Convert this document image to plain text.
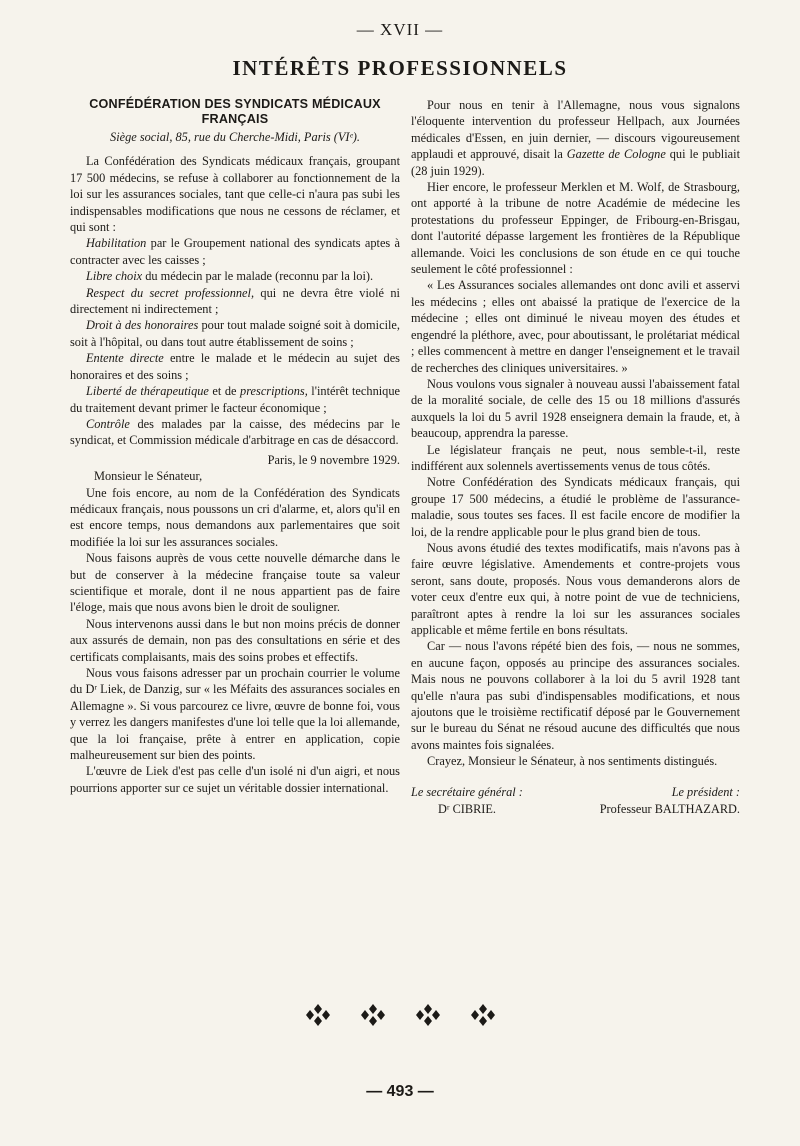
— XVII —
INTÉRÊTS PROFESSIONNELS
CONFÉDÉRATION DES SYNDICATS MÉDICAUX FRANÇAIS
Siège social, 85, rue du Cherche-Midi, Paris (VIᵉ).

La Confédération des Syndicats médicaux français, groupant 17 500 médecins, se refuse à collaborer au fonctionnement de la loi sur les assurances sociales, tant que celle-ci n'aura pas subi les indispensables modifications que nous ne cessons de réclamer, et qui sont :

Habilitation par le Groupement national des syndicats aptes à contracter avec les caisses ;

Libre choix du médecin par le malade (reconnu par la loi).

Respect du secret professionnel, qui ne devra être violé ni directement ni indirectement ;

Droit à des honoraires pour tout malade soigné soit à domicile, soit à l'hôpital, ou dans tout autre établissement de soins ;

Entente directe entre le malade et le médecin au sujet des honoraires et des soins ;

Liberté de thérapeutique et de prescriptions, l'intérêt technique du traitement devant primer le facteur économique ;

Contrôle des malades par la caisse, des médecins par le syndicat, et Commission médicale d'arbitrage en cas de désaccord.

Paris, le 9 novembre 1929.

Monsieur le Sénateur,

Une fois encore, au nom de la Confédération des Syndicats médicaux français, nous poussons un cri d'alarme, et, alors qu'il en est encore temps, nous demandons aux parlementaires que soit modifiée la loi sur les assurances sociales.

Nous faisons auprès de vous cette nouvelle démarche dans le but de conserver à la médecine française toute sa valeur scientifique et morale, dont il ne nous appartient pas de faire l'éloge, mais que nous avons bien le droit de souligner.

Nous intervenons aussi dans le but non moins précis de donner aux assurés de demain, non pas des consultations en série et des certificats complaisants, mais des soins probes et effectifs.

Nous vous faisons adresser par un prochain courrier le volume du Dʳ Liek, de Danzig, sur « les Méfaits des assurances sociales en Allemagne ». Si vous parcourez ce livre, œuvre de bonne foi, vous y verrez les dangers manifestes d'une loi telle que la loi allemande, que la loi française, prête à entrer en application, copie malheureusement sur bien des points.

L'œuvre de Liek d'est pas celle d'un isolé ni d'un aigri, et nous pourrions apporter sur ce sujet un véritable dossier international.

Pour nous en tenir à l'Allemagne, nous vous signalons l'éloquente intervention du professeur Hellpach, aux Journées médicales d'Essen, en juin dernier, — discours vigoureusement applaudi et approuvé, disait la Gazette de Cologne qui le publiait (28 juin 1929).

Hier encore, le professeur Merklen et M. Wolf, de Strasbourg, ont apporté à la tribune de notre Académie de médecine les protestations du professeur Eppinger, de Fribourg-en-Brisgau, dont l'autorité dépasse largement les frontières de la République allemande. Voici les conclusions de son étude en ce qui touche seulement le côté professionnel :

« Les Assurances sociales allemandes ont donc avili et asservi les médecins ; elles ont abaissé la pratique de l'exercice de la médecine ; elles ont diminué le niveau moyen des études et engendré la pléthore, avec, pour aboutissant, le prolétariat médical ; elles commencent à mettre en danger l'enseignement et le travail de recherches des cliniques universitaires. »

Nous voulons vous signaler à nouveau aussi l'abaissement fatal de la moralité sociale, de celle des 15 ou 18 millions d'assurés auxquels la loi du 5 avril 1928 enseignera demain la fraude, et, à beaucoup, apprendra la paresse.

Le législateur français ne peut, nous semble-t-il, reste indifférent aux solennels avertissements venus de tous côtés.

Notre Confédération des Syndicats médicaux français, qui groupe 17 500 médecins, a étudié le problème de l'assurance-maladie, sous toutes ses faces. Il est facile encore de modifier la loi, de la rendre applicable pour le plus grand bien de tous.

Nous avons étudié des textes modificatifs, mais n'avons pas à faire œuvre législative. Amendements et contre-projets vous seront, sans doute, proposés. Nous vous demanderons alors de voter ceux d'entre eux qui, à notre point de vue de techniciens, paraîtront aptes à rendre la loi sur les assurances sociales applicable et même fertile en bons résultats.

Car — nous l'avons répété bien des fois, — nous ne sommes, en aucune façon, opposés au principe des assurances sociales. Mais nous ne pouvons collaborer à la loi du 5 avril 1928 tant qu'elle n'aura pas subi d'indispensables modifications, et nous ajoutons que le troisième rectificatif déposé par le Gouvernement sur le bureau du Sénat ne résoud aucune des difficultés que nous avons maintes fois signalées.

Crayez, Monsieur le Sénateur, à nos sentiments distingués.

Le secrétaire général :
Dʳ CIBRIE.
Le président :
Professeur BALTHAZARD.
— 493 —
